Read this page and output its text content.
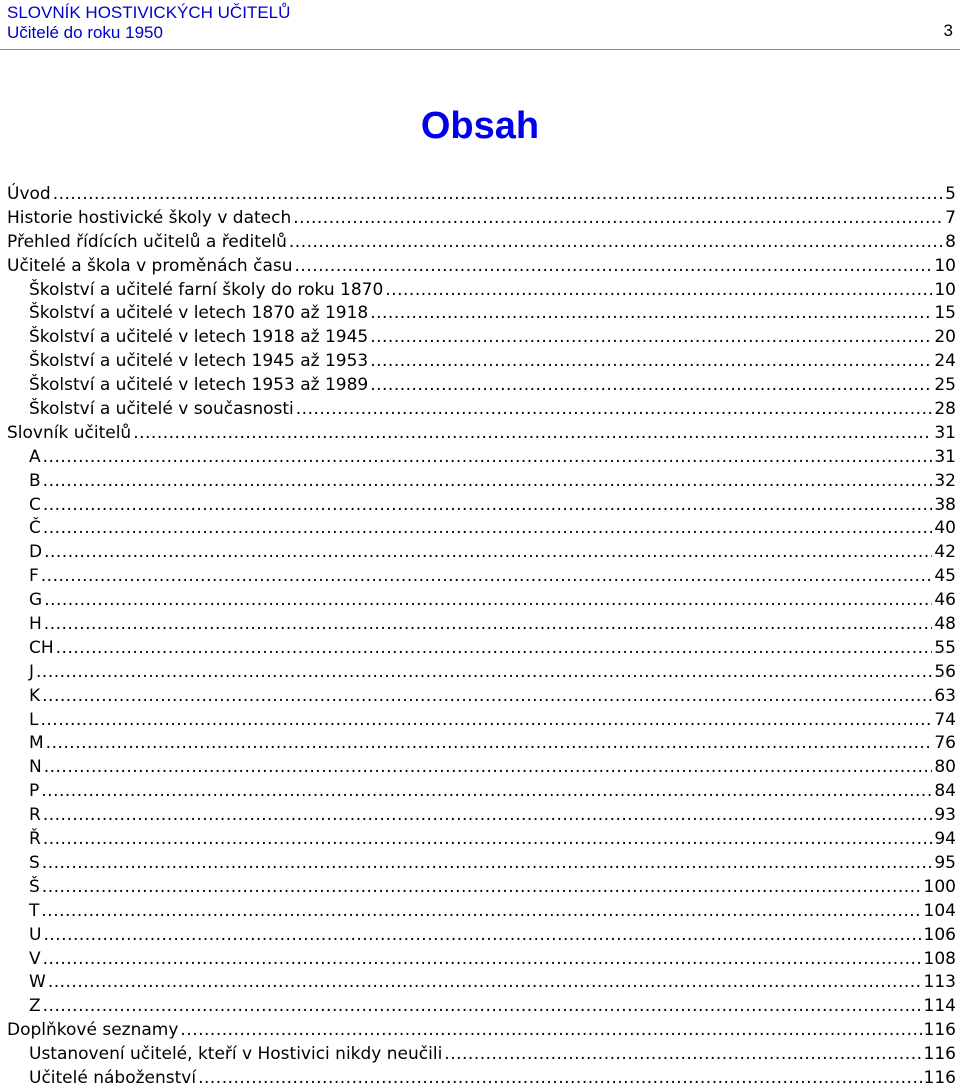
SLOVNÍK HOSTIVICKÝCH UČITELŮ
Učitelé do roku 1950	3
Obsah
Úvod .....	5
Historie hostivické školy v datech .....	7
Přehled řídících učitelů a ředitelů .....	8
Učitelé a škola v proměnách času .....	10
Školství a učitelé farní školy do roku 1870 .....	10
Školství a učitelé v letech 1870 až 1918 .....	15
Školství a učitelé v letech 1918 až 1945 .....	20
Školství a učitelé v letech 1945 až 1953 .....	24
Školství a učitelé v letech 1953 až 1989 .....	25
Školství a učitelé v současnosti .....	28
Slovník učitelů .....	31
A .....	31
B .....	32
C .....	38
Č .....	40
D .....	42
F .....	45
G .....	46
H .....	48
CH .....	55
J .....	56
K .....	63
L .....	74
M .....	76
N .....	80
P .....	84
R .....	93
Ř .....	94
S .....	95
Š .....	100
T .....	104
U .....	106
V .....	108
W .....	113
Z .....	114
Doplňkové seznamy .....	116
Ustanovení učitelé, kteří v Hostivici nikdy neučili .....	116
Učitelé náboženství .....	116
